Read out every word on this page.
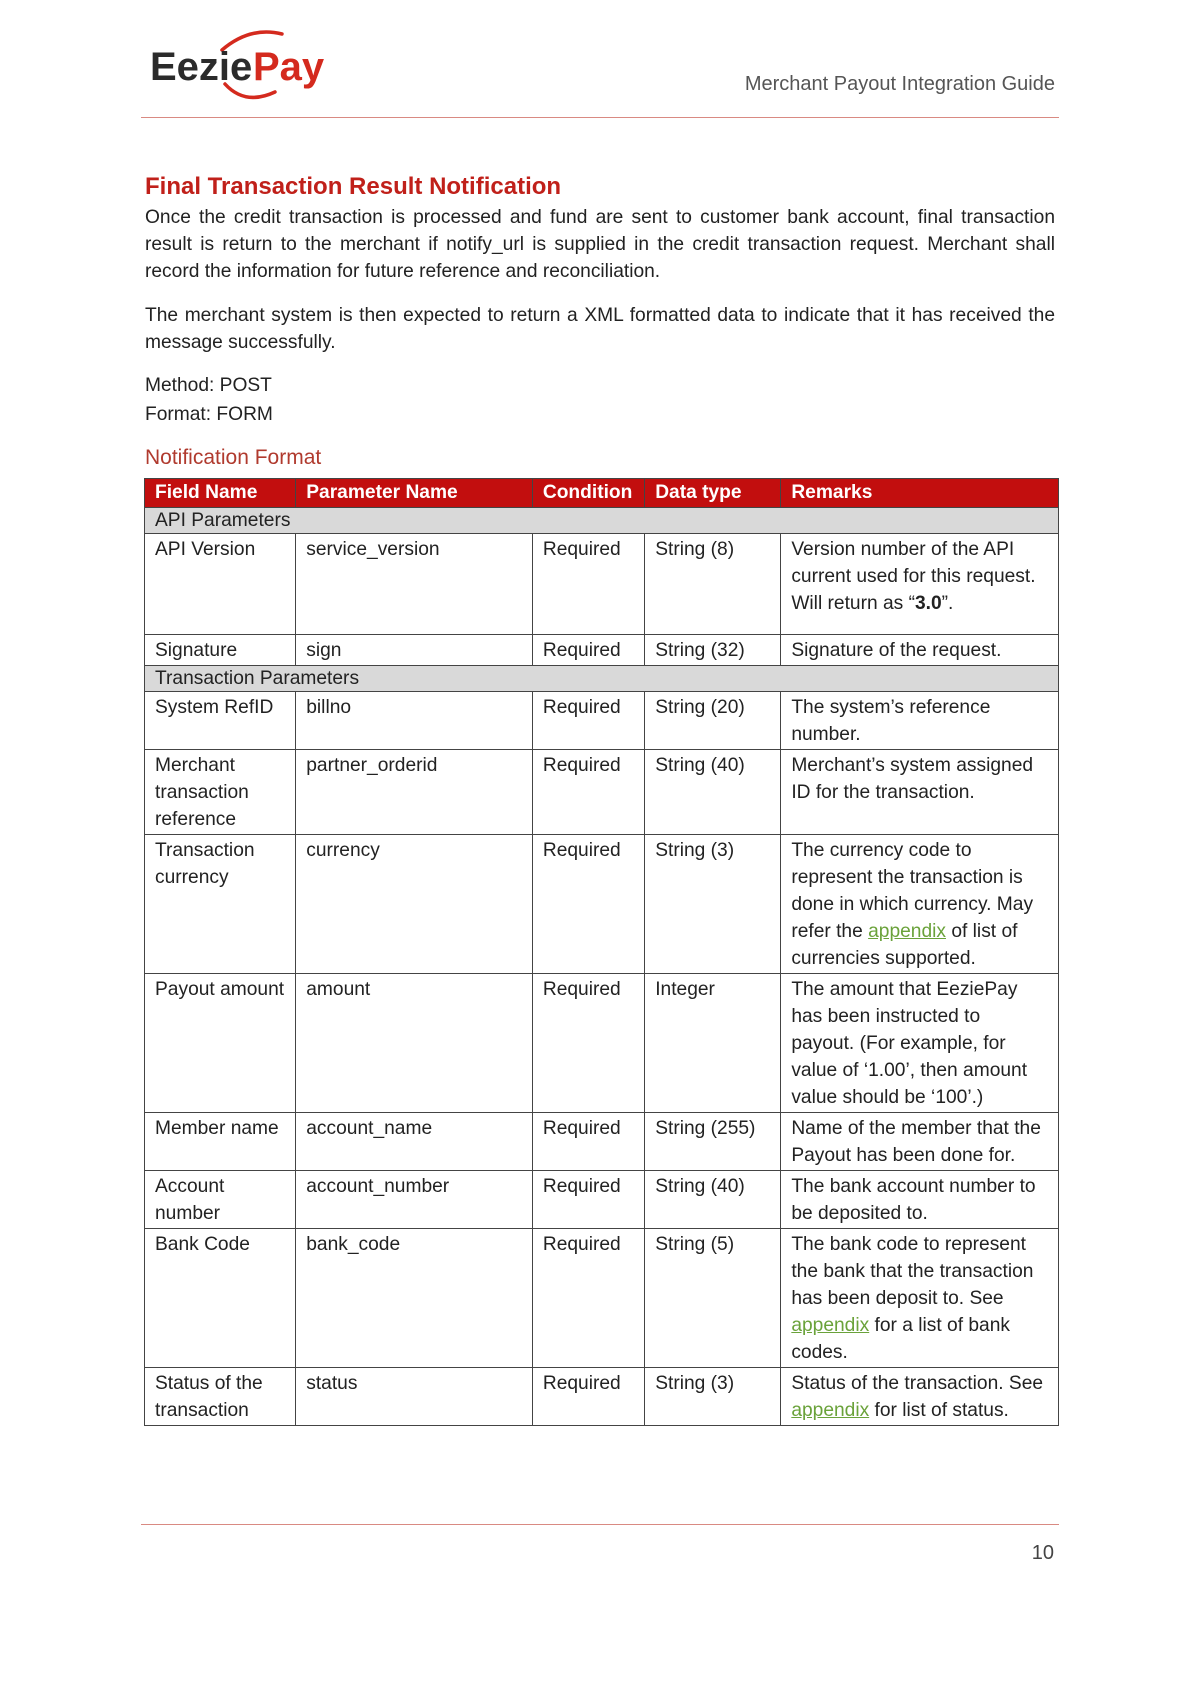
Eezie Pay	Merchant Payout Integration Guide
Final Transaction Result Notification

Once the credit transaction is processed and fund are sent to customer bank account, final transaction result is return to the merchant if notify_url is supplied in the credit transaction request. Merchant shall record the information for future reference and reconciliation.

The merchant system is then expected to return a XML formatted data to indicate that it has received the message successfully.

Method: POST

Format: FORM

Notification Format
Field Name	Parameter Name	Condition	Data type	Remarks
API Parameters				
API Version	service_version	Required	String (8)	Version number of the API current used for this request. Will return as “3.0”.
Signature	sign	Required	String (32)	Signature of the request.
Transaction Parameters				
System RefID	billno	Required	String (20)	The system’s reference number.
Merchant transaction reference	partner_orderid	Required	String (40)	Merchant’s system assigned ID for the transaction.
Transaction currency	currency	Required	String (3)	The currency code to represent the transaction is done in which currency. May refer the appendix of list of currencies supported.
Payout amount	amount	Required	Integer	The amount that EeziePay has been instructed to payout. (For example, for value of ‘1.00’, then amount value should be ‘100’.)
Member name	account_name	Required	String (255)	Name of the member that the Payout has been done for.
Account number	account_number	Required	String (40)	The bank account number to be deposited to.
Bank Code	bank_code	Required	String (5)	The bank code to represent the bank that the transaction has been deposit to. See appendix for a list of bank codes.
Status of the transaction	status	Required	String (3)	Status of the transaction. See appendix for list of status.
10
